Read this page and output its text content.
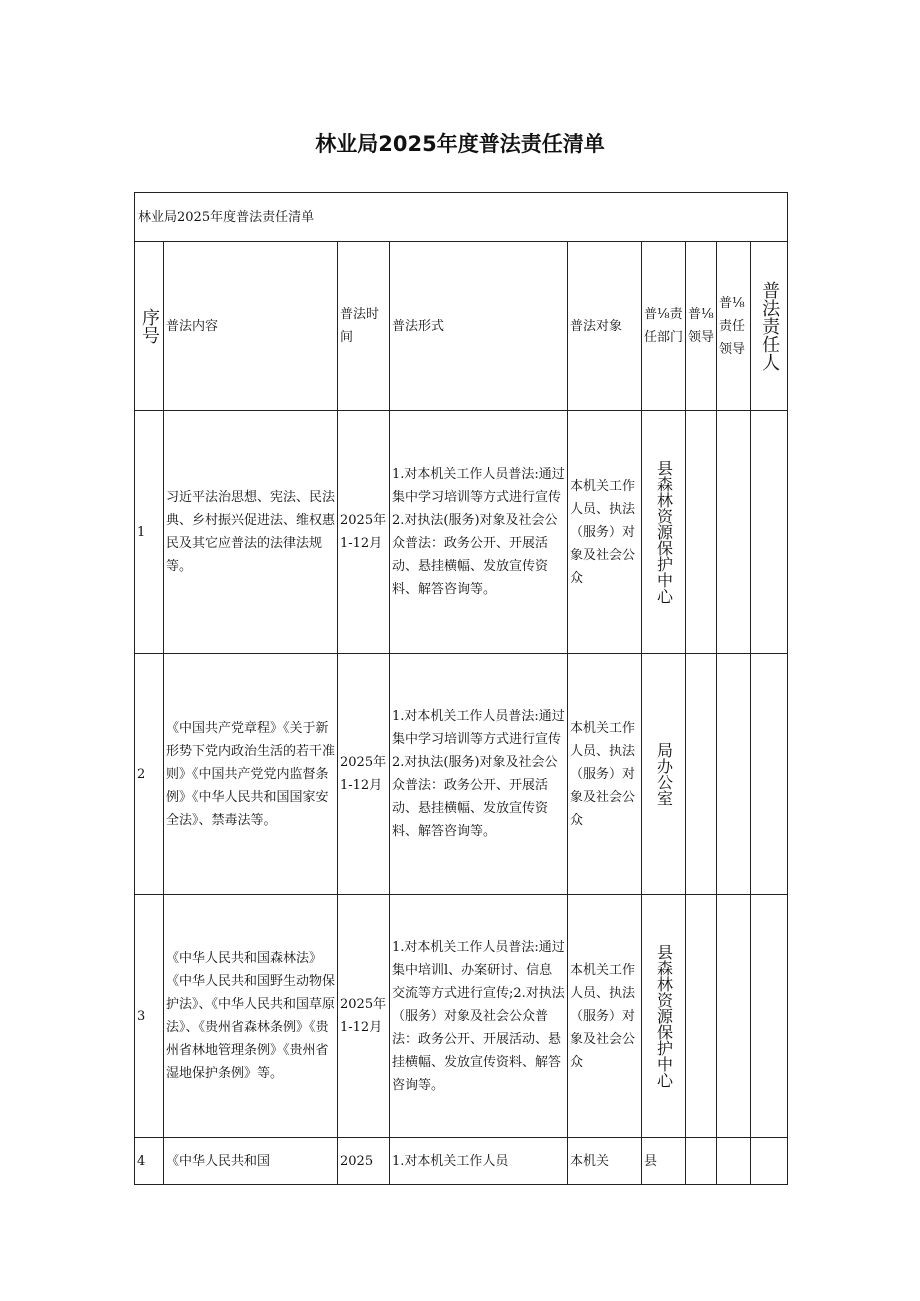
林业局2025年度普法责任清单
林业局2025年度普法责任清单								

序号	普法内容	普法时间	普法形式	普法对象	普⅛责任部门	普⅛领导	普⅛责任领导	普法责任人

1	习近平法治思想、宪法、民法典、乡村振兴促进法、维权惠民及其它应普法的法律法规等。	2025年1-12月	1.对本机关工作人员普法:通过集中学习培训等方式进行宣传 2.对执法(服务)对象及社会公众普法：政务公开、开展活动、悬挂横幅、发放宣传资料、解答咨询等。	本机关工作人员、执法（服务）对象及社会公众	县森林资源保护中心			

2	《中国共产党章程》《关于新形势下党内政治生活的若干准则》《中国共产党党内监督条例》《中华人民共和国国家安全法》、禁毒法等。	2025年1-12月	1.对本机关工作人员普法:通过集中学习培训等方式进行宣传 2.对执法(服务)对象及社会公众普法：政务公开、开展活动、悬挂横幅、发放宣传资料、解答咨询等。	本机关工作人员、执法（服务）对象及社会公众	局办公室			

3	《中华人民共和国森林法》《中华人民共和国野生动物保护法》、《中华人民共和国草原法》、《贵州省森林条例》《贵州省林地管理条例》《贵州省湿地保护条例》等。	2025年1-12月	1.对本机关工作人员普法:通过集中培训l、办案研讨、信息交流等方式进行宣传;2.对执法（服务）对象及社会公众普法：政务公开、开展活动、悬挂横幅、发放宣传资料、解答咨询等。	本机关工作人员、执法（服务）对象及社会公众	县森林资源保护中心			

4	《中华人民共和国	2025	1.对本机关工作人员	本机关	县			
